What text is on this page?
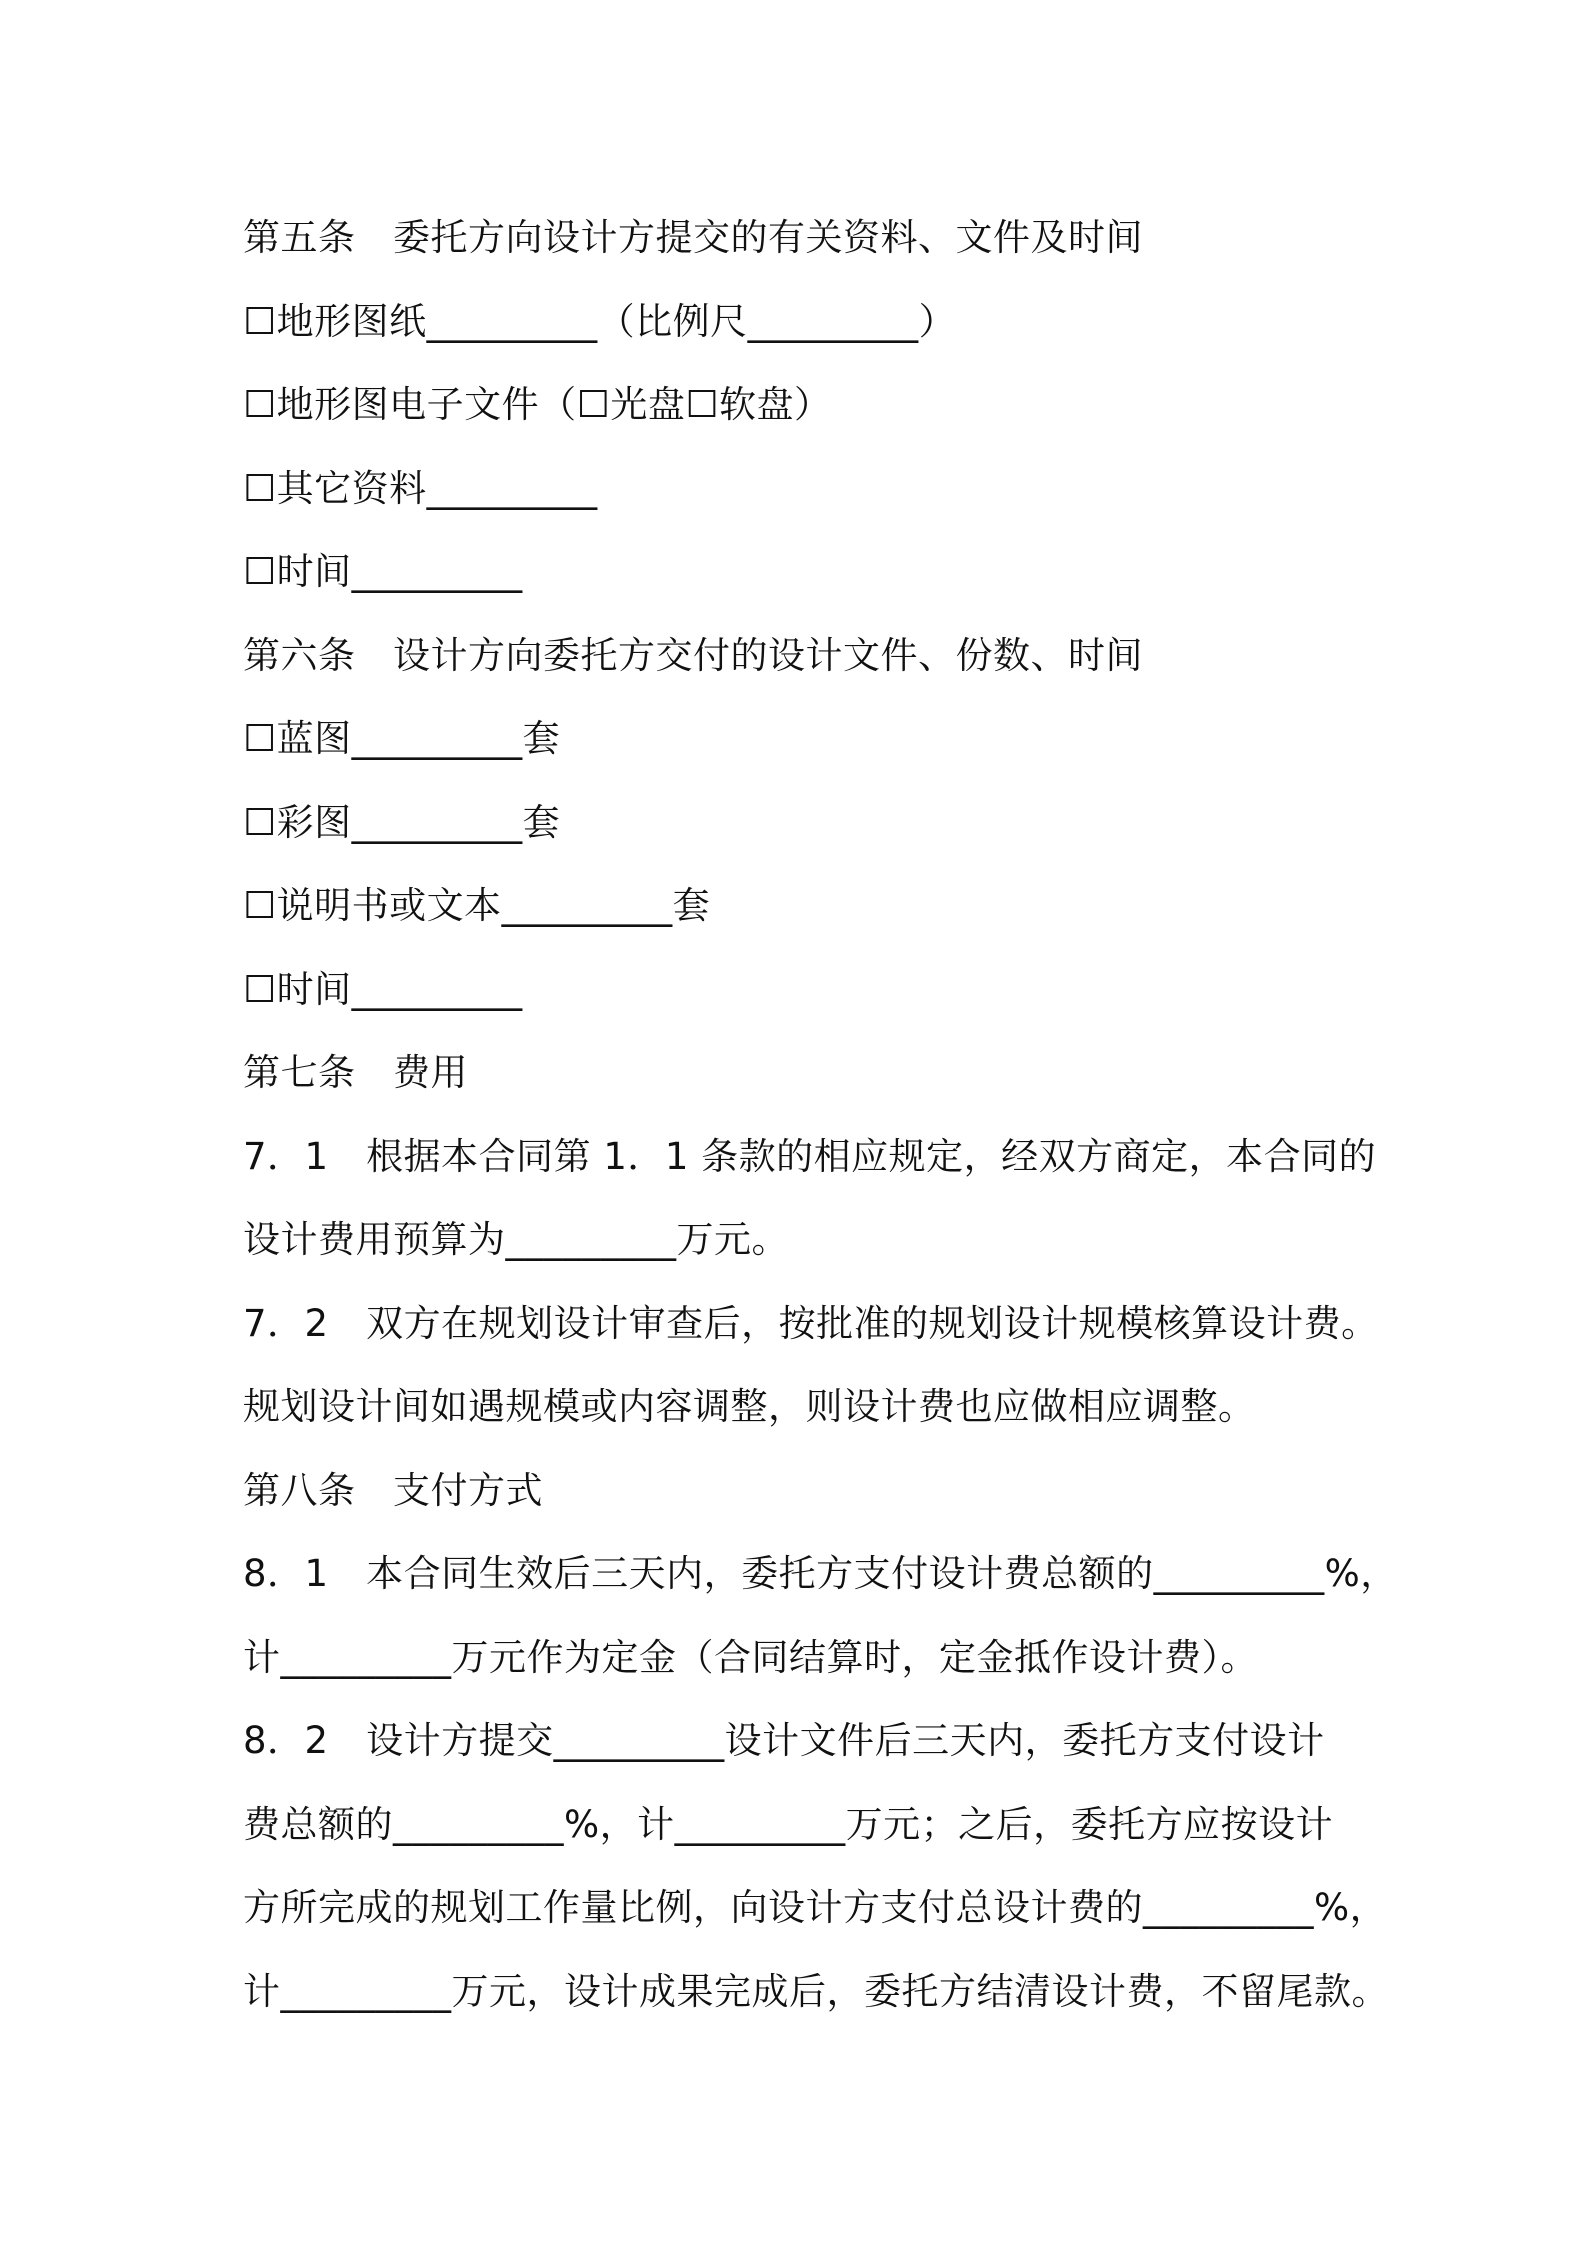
第五条　委托方向设计方提交的有关资料、文件及时间
☐地形图纸_________（比例尺_________）
☐地形图电子文件（☐光盘☐软盘）
☐其它资料_________
☐时间_________
第六条　设计方向委托方交付的设计文件、份数、时间
☐蓝图_________套
☐彩图_________套
☐说明书或文本_________套
☐时间_________
第七条　费用
7．1　根据本合同第 1．1 条款的相应规定，经双方商定，本合同的
设计费用预算为_________万元。
7．2　双方在规划设计审查后，按批准的规划设计规模核算设计费。
规划设计间如遇规模或内容调整，则设计费也应做相应调整。
第八条　支付方式
8．1　本合同生效后三天内，委托方支付设计费总额的_________%，
计_________万元作为定金（合同结算时，定金抵作设计费）。
8．2　设计方提交_________设计文件后三天内，委托方支付设计
费总额的_________%，计_________万元；之后，委托方应按设计
方所完成的规划工作量比例，向设计方支付总设计费的_________%，
计_________万元，设计成果完成后，委托方结清设计费，不留尾款。
